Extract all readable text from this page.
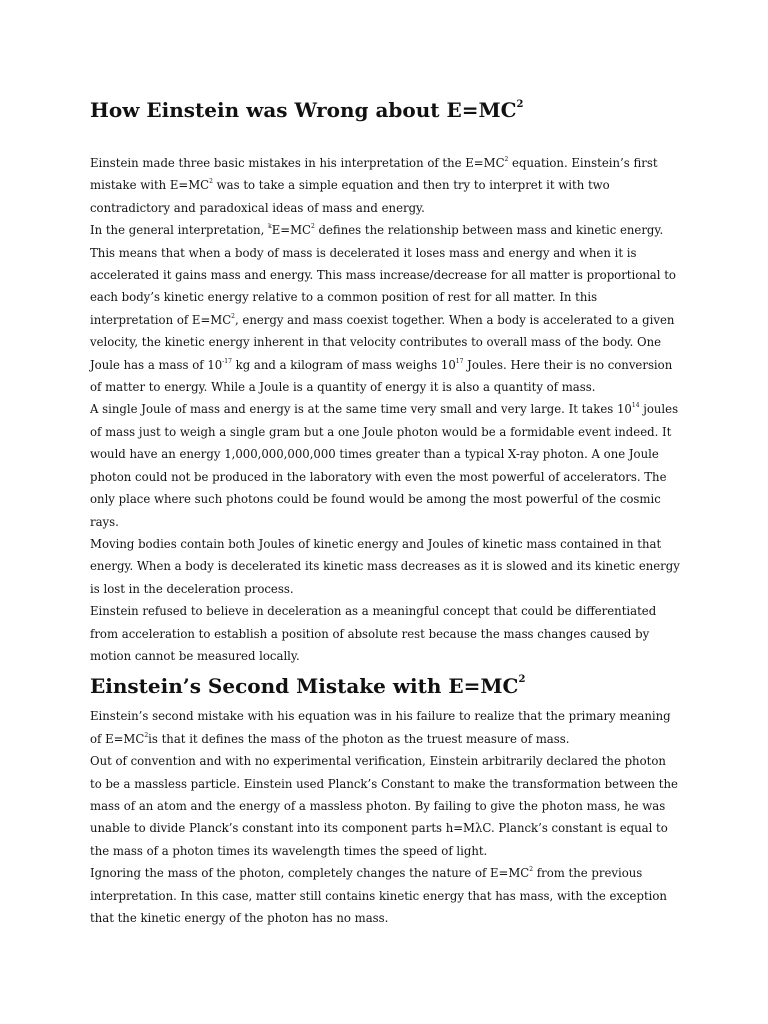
How Einstein was Wrong about $E=MC^2$

Einstein made three basic mistakes in his interpretation of the $E=MC^2$ equation. Einstein’s first mistake with $E=MC^2$ was to take a simple equation and then try to interpret it with two contradictory and paradoxical ideas of mass and energy.

In the general interpretation, $^kE=MC^2$ defines the relationship between mass and kinetic energy. This means that when a body of mass is decelerated it loses mass and energy and when it is accelerated it gains mass and energy. This mass increase/decrease for all matter is proportional to each body’s kinetic energy relative to a common position of rest for all matter. In this interpretation of $E=MC^2$, energy and mass coexist together. When a body is accelerated to a given velocity, the kinetic energy inherent in that velocity contributes to overall mass of the body. One Joule has a mass of $10^{-17}$ kg and a kilogram of mass weighs $10^{17}$ Joules. Here their is no conversion of matter to energy. While a Joule is a quantity of energy it is also a quantity of mass.

A single Joule of mass and energy is at the same time very small and very large. It takes $10^{14}$ joules of mass just to weigh a single gram but a one Joule photon would be a formidable event indeed. It would have an energy 1,000,000,000,000 times greater than a typical X-ray photon. A one Joule photon could not be produced in the laboratory with even the most powerful of accelerators. The only place where such photons could be found would be among the most powerful of the cosmic rays.

Moving bodies contain both Joules of kinetic energy and Joules of kinetic mass contained in that energy. When a body is decelerated its kinetic mass decreases as it is slowed and its kinetic energy is lost in the deceleration process.

Einstein refused to believe in deceleration as a meaningful concept that could be differentiated from acceleration to establish a position of absolute rest because the mass changes caused by motion cannot be measured locally.

Einstein’s Second Mistake with $E=MC^2$

Einstein’s second mistake with his equation was in his failure to realize that the primary meaning of $E=MC^2is$ that it defines the mass of the photon as the truest measure of mass.

Out of convention and with no experimental verification, Einstein arbitrarily declared the photon to be a massless particle. Einstein used Planck’s Constant to make the transformation between the mass of an atom and the energy of a massless photon. By failing to give the photon mass, he was unable to divide Planck’s constant into its component parts h=MλC. Planck’s constant is equal to the mass of a photon times its wavelength times the speed of light.

Ignoring the mass of the photon, completely changes the nature of $E=MC^2$ from the previous interpretation. In this case, matter still contains kinetic energy that has mass, with the exception that the kinetic energy of the photon has no mass.
